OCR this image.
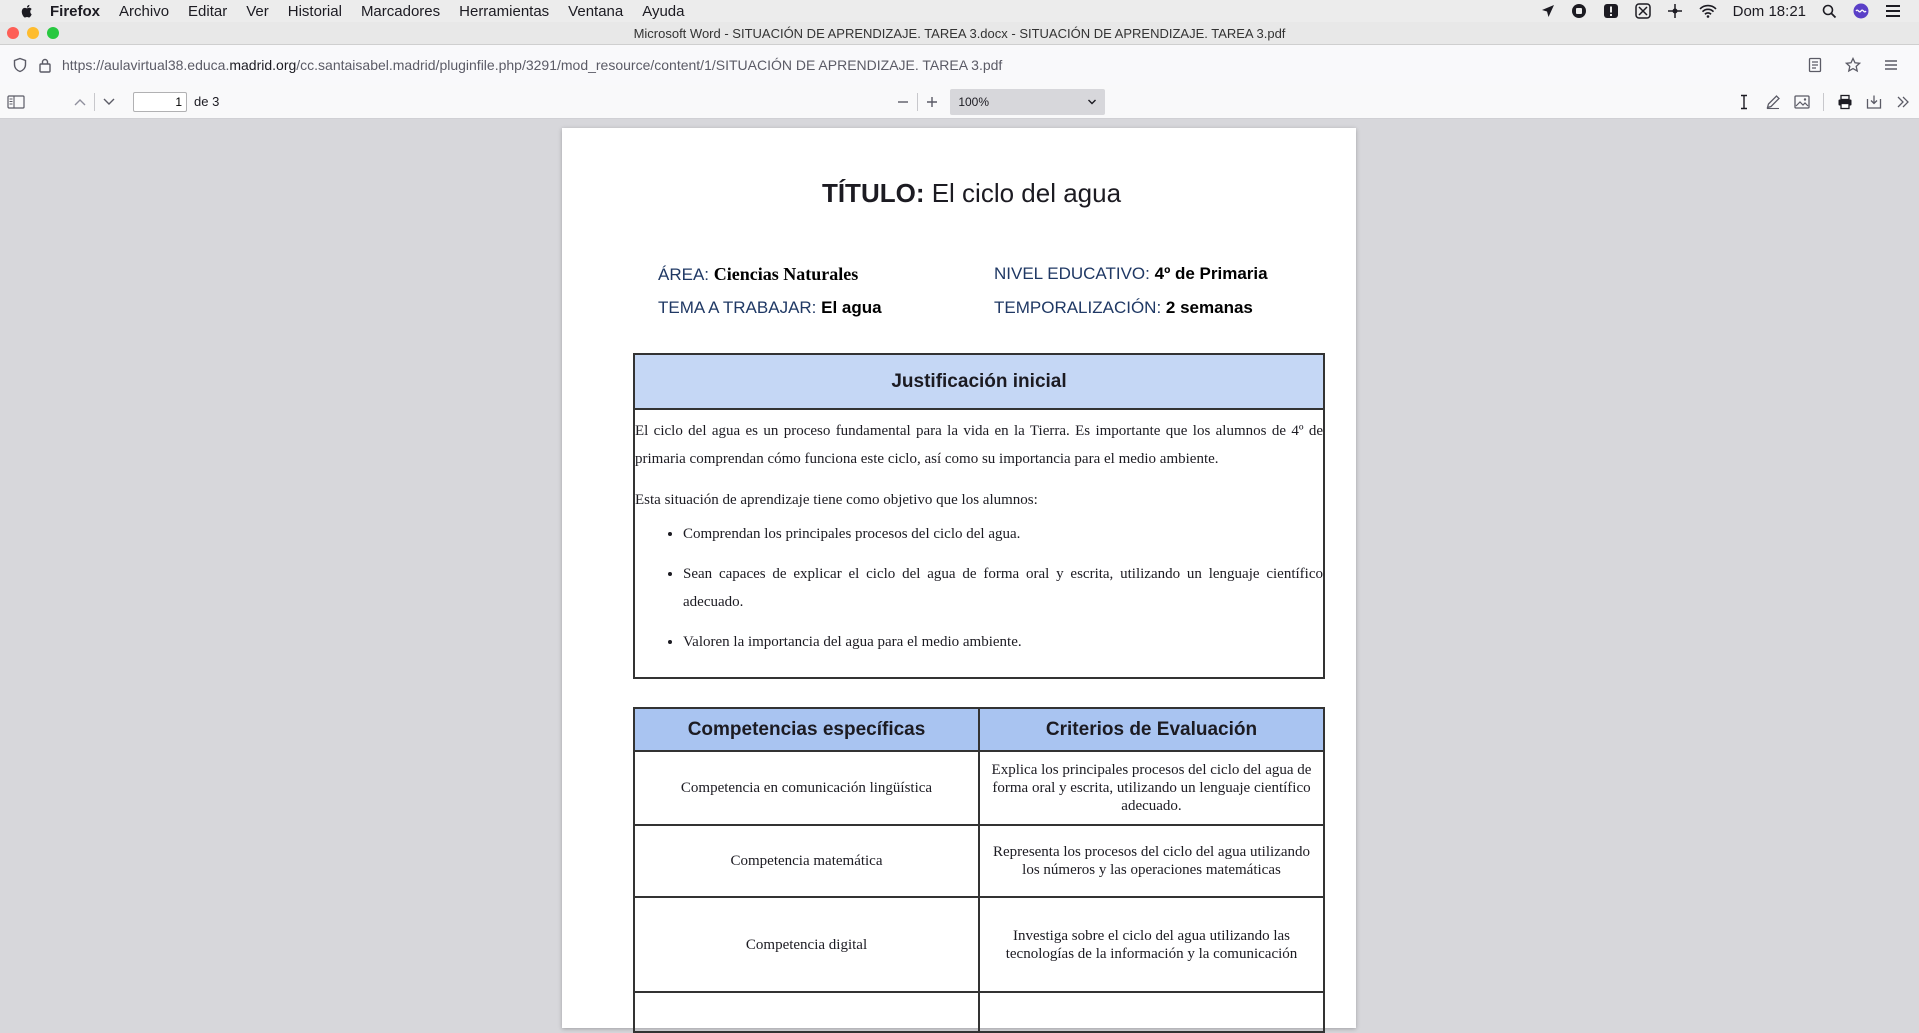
Firefox Archivo Editar Ver Historial Marcadores Herramientas Ventana Ayuda	Dom 18:21
Microsoft Word - SITUACIÓN DE APRENDIZAJE. TAREA 3.docx - SITUACIÓN DE APRENDIZAJE. TAREA 3.pdf
https://aulavirtual38.educa.madrid.org/cc.santaisabel.madrid/pluginfile.php/3291/mod_resource/content/1/SITUACIÓN DE APRENDIZAJE. TAREA 3.pdf
1
de 3	100%
TÍTULO: El ciclo del agua
ÁREA: Ciencias Naturales	NIVEL EDUCATIVO: 4º de Primaria
TEMA A TRABAJAR: El agua	TEMPORALIZACIÓN: 2 semanas
Justificación inicial

El ciclo del agua es un proceso fundamental para la vida en la Tierra. Es importante que los alumnos de 4º de primaria comprendan cómo funciona este ciclo, así como su importancia para el medio ambiente.

Esta situación de aprendizaje tiene como objetivo que los alumnos:

• Comprendan los principales procesos del ciclo del agua.
• Sean capaces de explicar el ciclo del agua de forma oral y escrita, utilizando un lenguaje científico adecuado.
• Valoren la importancia del agua para el medio ambiente.
Competencias específicas	Criterios de Evaluación
Competencia en comunicación lingüística	Explica los principales procesos del ciclo del agua de forma oral y escrita, utilizando un lenguaje científico adecuado.
Competencia matemática	Representa los procesos del ciclo del agua utilizando los números y las operaciones matemáticas
Competencia digital	Investiga sobre el ciclo del agua utilizando las tecnologías de la información y la comunicación
